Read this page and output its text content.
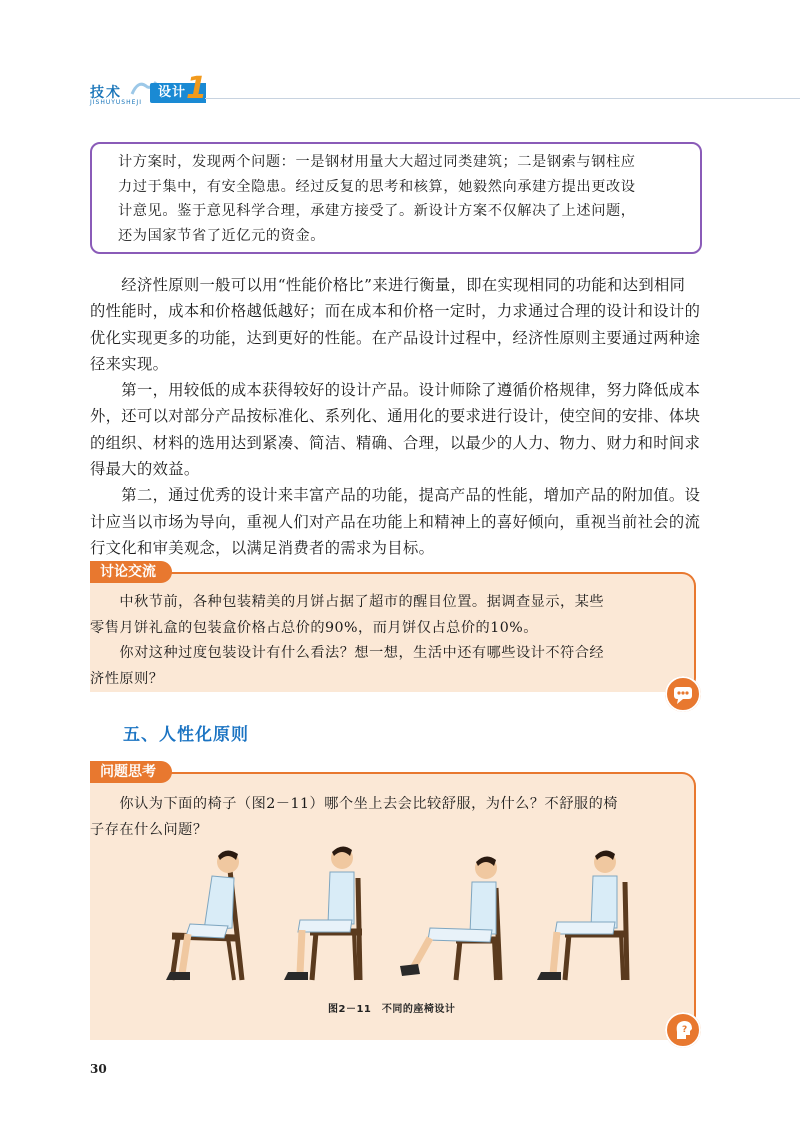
技术
JISHUYUSHEJI
设计 1

计方案时，发现两个问题：一是钢材用量大大超过同类建筑；二是钢索与钢柱应

力过于集中，有安全隐患。经过反复的思考和核算，她毅然向承建方提出更改设

计意见。鉴于意见科学合理，承建方接受了。新设计方案不仅解决了上述问题，

还为国家节省了近亿元的资金。

　　经济性原则一般可以用“性能价格比”来进行衡量，即在实现相同的功能和达到相同
的性能时，成本和价格越低越好；而在成本和价格一定时，力求通过合理的设计和设计的
优化实现更多的功能，达到更好的性能。在产品设计过程中，经济性原则主要通过两种途
径来实现。
　　第一，用较低的成本获得较好的设计产品。设计师除了遵循价格规律，努力降低成本
外，还可以对部分产品按标准化、系列化、通用化的要求进行设计，使空间的安排、体块
的组织、材料的选用达到紧凑、简洁、精确、合理，以最少的人力、物力、财力和时间求
得最大的效益。
　　第二，通过优秀的设计来丰富产品的功能，提高产品的性能，增加产品的附加值。设
计应当以市场为导向，重视人们对产品在功能上和精神上的喜好倾向，重视当前社会的流
行文化和审美观念，以满足消费者的需求为目标。
讨论交流

　　中秋节前，各种包装精美的月饼占据了超市的醒目位置。据调查显示，某些

零售月饼礼盒的包装盒价格占总价的90%，而月饼仅占总价的10%。

　　你对这种过度包装设计有什么看法？想一想，生活中还有哪些设计不符合经

济性原则？

五、人性化原则
问题思考

　　你认为下面的椅子（图2－11）哪个坐上去会比较舒服，为什么？不舒服的椅

子存在什么问题？

图2－11　不同的座椅设计
?
30
